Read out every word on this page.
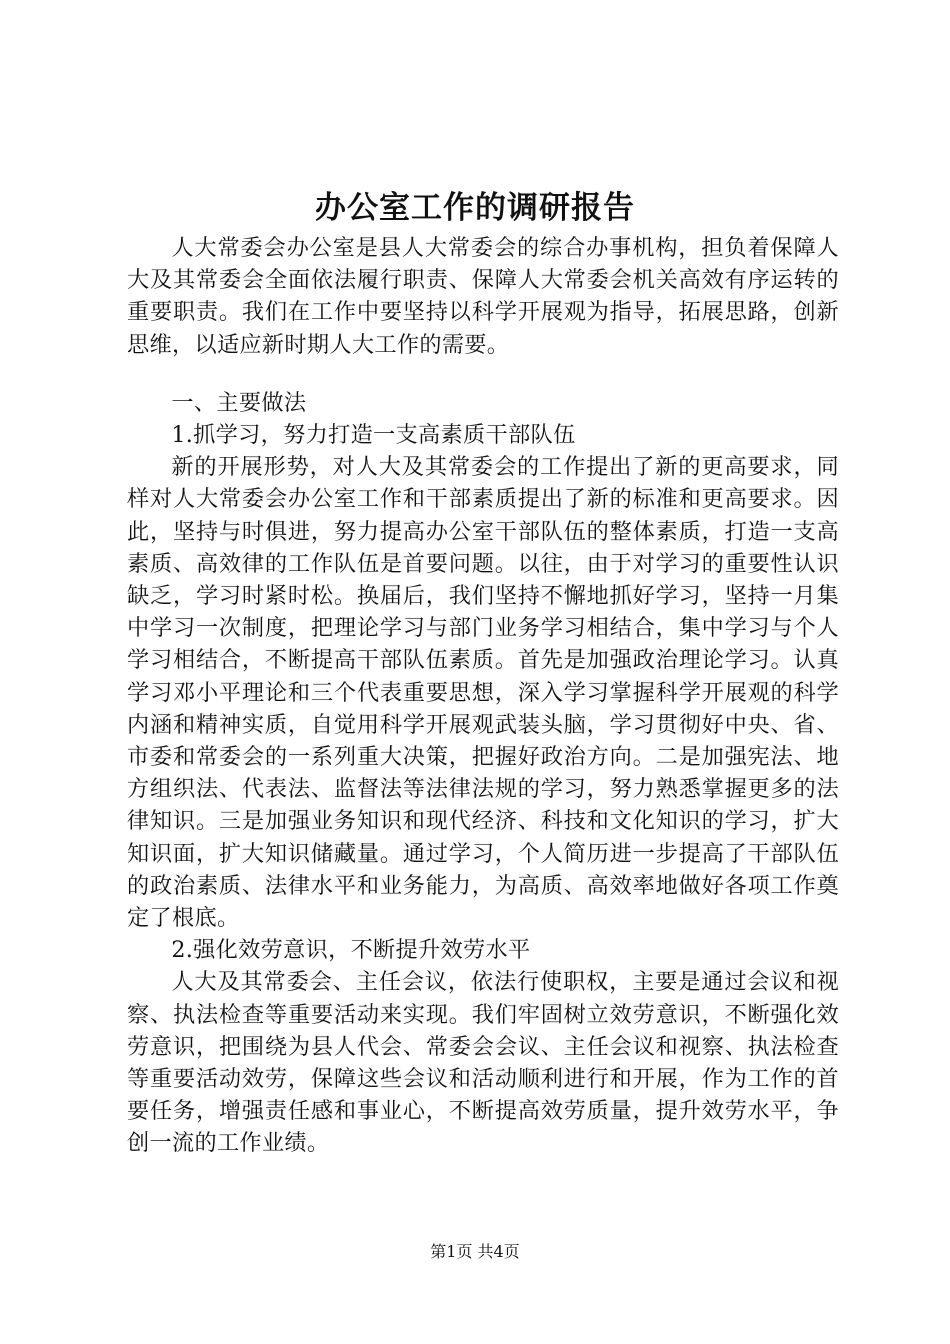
办公室工作的调研报告

人大常委会办公室是县人大常委会的综合办事机构，担负着保障人大及其常委会全面依法履行职责、保障人大常委会机关高效有序运转的重要职责。我们在工作中要坚持以科学开展观为指导，拓展思路，创新思维，以适应新时期人大工作的需要。

一、主要做法

1.抓学习，努力打造一支高素质干部队伍

新的开展形势，对人大及其常委会的工作提出了新的更高要求，同样对人大常委会办公室工作和干部素质提出了新的标准和更高要求。因此，坚持与时俱进，努力提高办公室干部队伍的整体素质，打造一支高素质、高效律的工作队伍是首要问题。以往，由于对学习的重要性认识缺乏，学习时紧时松。换届后，我们坚持不懈地抓好学习，坚持一月集中学习一次制度，把理论学习与部门业务学习相结合，集中学习与个人学习相结合，不断提高干部队伍素质。首先是加强政治理论学习。认真学习邓小平理论和三个代表重要思想，深入学习掌握科学开展观的科学内涵和精神实质，自觉用科学开展观武装头脑，学习贯彻好中央、省、市委和常委会的一系列重大决策，把握好政治方向。二是加强宪法、地方组织法、代表法、监督法等法律法规的学习，努力熟悉掌握更多的法律知识。三是加强业务知识和现代经济、科技和文化知识的学习，扩大知识面，扩大知识储藏量。通过学习，个人简历进一步提高了干部队伍的政治素质、法律水平和业务能力，为高质、高效率地做好各项工作奠定了根底。

2.强化效劳意识，不断提升效劳水平

人大及其常委会、主任会议，依法行使职权，主要是通过会议和视察、执法检查等重要活动来实现。我们牢固树立效劳意识，不断强化效劳意识，把围绕为县人代会、常委会会议、主任会议和视察、执法检查等重要活动效劳，保障这些会议和活动顺利进行和开展，作为工作的首要任务，增强责任感和事业心，不断提高效劳质量，提升效劳水平，争创一流的工作业绩。

第1页 共4页
